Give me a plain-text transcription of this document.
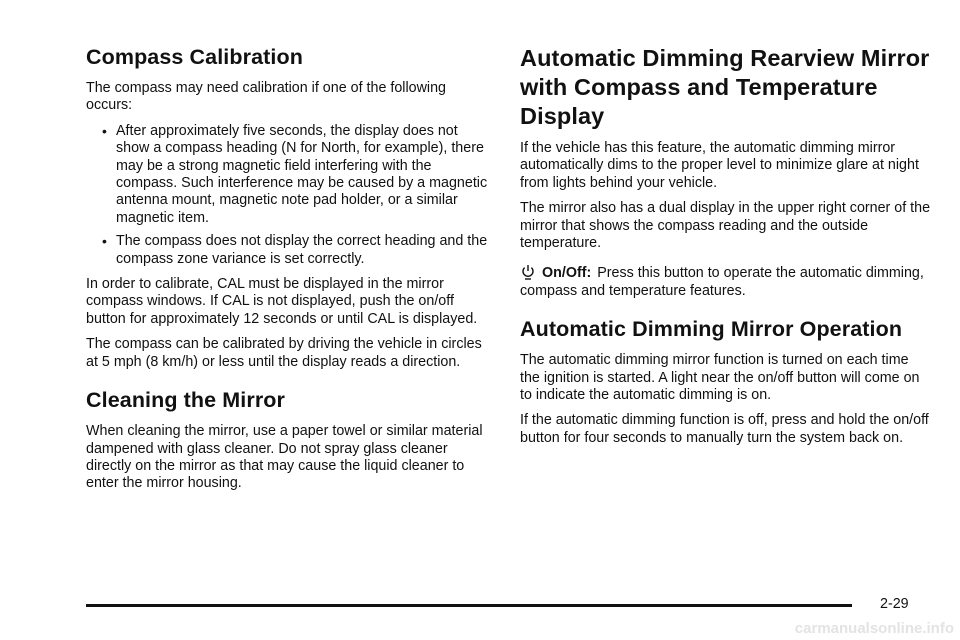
Compass Calibration

The compass may need calibration if one of the following occurs:

• After approximately five seconds, the display does not show a compass heading (N for North, for example), there may be a strong magnetic field interfering with the compass. Such interference may be caused by a magnetic antenna mount, magnetic note pad holder, or a similar magnetic item.
• The compass does not display the correct heading and the compass zone variance is set correctly.

In order to calibrate, CAL must be displayed in the mirror compass windows. If CAL is not displayed, push the on/off button for approximately 12 seconds or until CAL is displayed.

The compass can be calibrated by driving the vehicle in circles at 5 mph (8 km/h) or less until the display reads a direction.

Cleaning the Mirror

When cleaning the mirror, use a paper towel or similar material dampened with glass cleaner. Do not spray glass cleaner directly on the mirror as that may cause the liquid cleaner to enter the mirror housing.

Automatic Dimming Rearview Mirror with Compass and Temperature Display

If the vehicle has this feature, the automatic dimming mirror automatically dims to the proper level to minimize glare at night from lights behind your vehicle.

The mirror also has a dual display in the upper right corner of the mirror that shows the compass reading and the outside temperature.

On/Off: Press this button to operate the automatic dimming, compass and temperature features.
Automatic Dimming Mirror Operation

The automatic dimming mirror function is turned on each time the ignition is started. A light near the on/off button will come on to indicate the automatic dimming is on.

If the automatic dimming function is off, press and hold the on/off button for four seconds to manually turn the system back on.

2-29
carmanualsonline.info
